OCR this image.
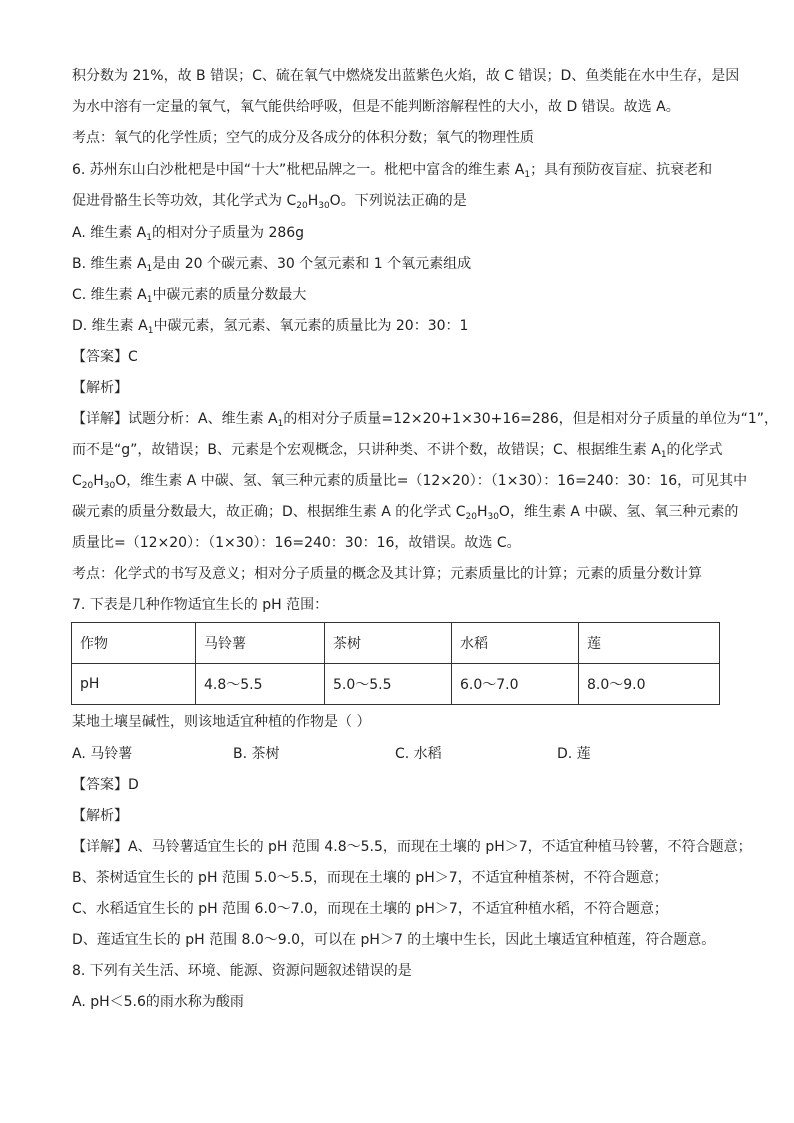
积分数为 21%，故 B 错误；C、硫在氧气中燃烧发出蓝紫色火焰，故 C 错误；D、鱼类能在水中生存，是因
为水中溶有一定量的氧气，氧气能供给呼吸，但是不能判断溶解程性的大小，故 D 错误。故选 A。
考点：氧气的化学性质；空气的成分及各成分的体积分数；氧气的物理性质
6. 苏州东山白沙枇杷是中国“十大”枇杷品牌之一。枇杷中富含的维生素 $A_1$；具有预防夜盲症、抗衰老和
促进骨骼生长等功效，其化学式为 $C_{20}H_{30}O$。下列说法正确的是
A. 维生素 $A_1$的相对分子质量为 286g
B. 维生素 $A_1$是由 20 个碳元素、30 个氢元素和 1 个氧元素组成
C. 维生素 $A_1$中碳元素的质量分数最大
D. 维生素 $A_1$中碳元素，氢元素、氧元素的质量比为 20：30：1
【答案】C
【解析】
【详解】试题分析：A、维生素 $A_1$的相对分子质量=12×20+1×30+16=286，但是相对分子质量的单位为“1”，
而不是“g”，故错误；B、元素是个宏观概念，只讲种类、不讲个数，故错误；C、根据维生素 $A_1$的化学式
$C_{20}H_{30}O$，维生素 A 中碳、氢、氧三种元素的质量比=（12×20）：（1×30）：16=240：30：16，可见其中
碳元素的质量分数最大，故正确；D、根据维生素 A 的化学式 $C_{20}H_{30}O$，维生素 A 中碳、氢、氧三种元素的
质量比=（12×20）：（1×30）：16=240：30：16，故错误。故选 C。
考点：化学式的书写及意义；相对分子质量的概念及其计算；元素质量比的计算；元素的质量分数计算
7. 下表是几种作物适宜生长的 pH 范围：
作物	马铃薯	茶树	水稻	莲
pH	4.8～5.5	5.0～5.5	6.0～7.0	8.0～9.0
某地土壤呈碱性，则该地适宜种植的作物是（ ）
A. 马铃薯	B. 茶树	C. 水稻	D. 莲
【答案】D
【解析】
【详解】A、马铃薯适宜生长的 pH 范围 4.8～5.5，而现在土壤的 pH＞7，不适宜种植马铃薯，不符合题意；
B、茶树适宜生长的 pH 范围 5.0～5.5，而现在土壤的 pH＞7，不适宜种植茶树，不符合题意；
C、水稻适宜生长的 pH 范围 6.0～7.0，而现在土壤的 pH＞7，不适宜种植水稻，不符合题意；
D、莲适宜生长的 pH 范围 8.0～9.0，可以在 pH＞7 的土壤中生长，因此土壤适宜种植莲，符合题意。
8. 下列有关生活、环境、能源、资源问题叙述错误的是
A. pH＜5.6的雨水称为酸雨
